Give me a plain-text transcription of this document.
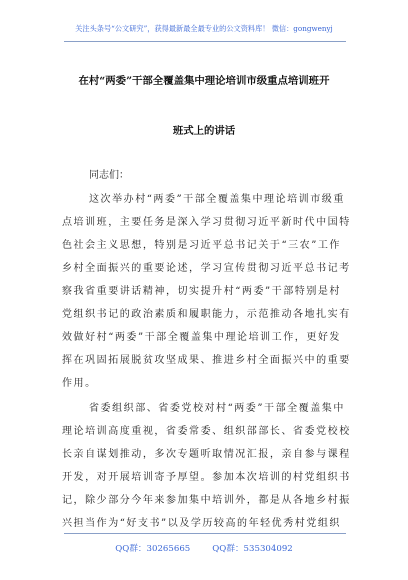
关注头条号“公文研究”，获得最新最全最专业的公文资料库！ 微信：gongwenyj
在村“两委”干部全覆盖集中理论培训市级重点培训班开
班式上的讲话
同志们：
这次举办村“两委”干部全覆盖集中理论培训市级重
点培训班，主要任务是深入学习贯彻习近平新时代中国特
色社会主义思想，特别是习近平总书记关于“三农”工作
乡村全面振兴的重要论述，学习宣传贯彻习近平总书记考
察我省重要讲话精神，切实提升村“两委”干部特别是村
党组织书记的政治素质和履职能力，示范推动各地扎实有
效做好村“两委”干部全覆盖集中理论培训工作，更好发
挥在巩固拓展脱贫攻坚成果、推进乡村全面振兴中的重要
作用。
省委组织部、省委党校对村“两委”干部全覆盖集中
理论培训高度重视，省委常委、组织部部长、省委党校校
长亲自谋划推动，多次专题听取情况汇报，亲自参与课程
开发，对开展培训寄予厚望。参加本次培训的村党组织书
记，除少部分今年来参加集中培训外，都是从各地乡村振
兴担当作为“好支书”以及学历较高的年轻优秀村党组织
QQ群：30265665	QQ群：535304092
